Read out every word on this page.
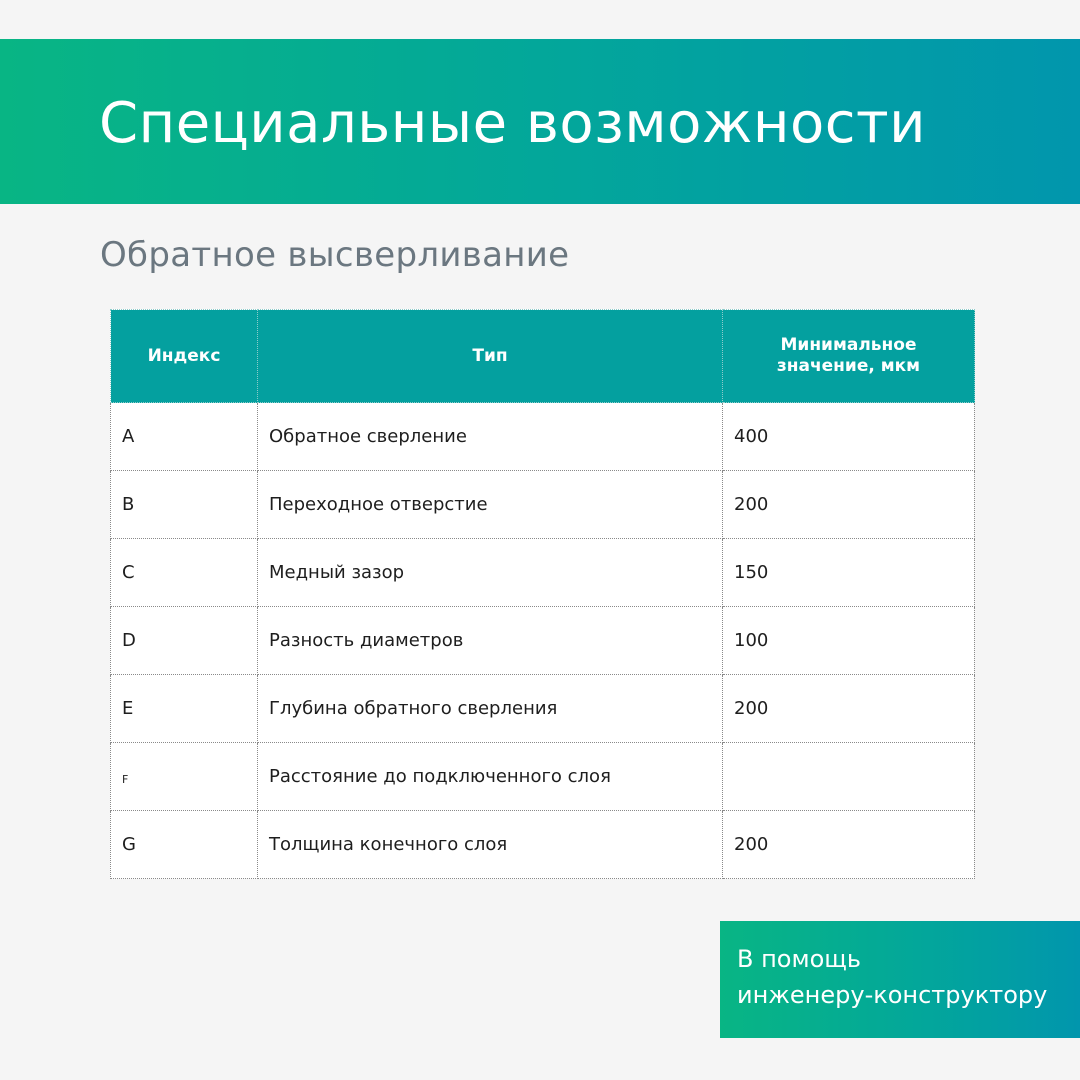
Специальные возможности
Обратное высверливание
Индекс	Тип	Минимальное
значение, мкм
A	Обратное сверление	400
B	Переходное отверстие	200
C	Медный зазор	150
D	Разность диаметров	100
E	Глубина обратного сверления	200
F	Расстояние до подключенного слоя	
G	Толщина конечного слоя	200

В помощь
инженеру-конструктору
